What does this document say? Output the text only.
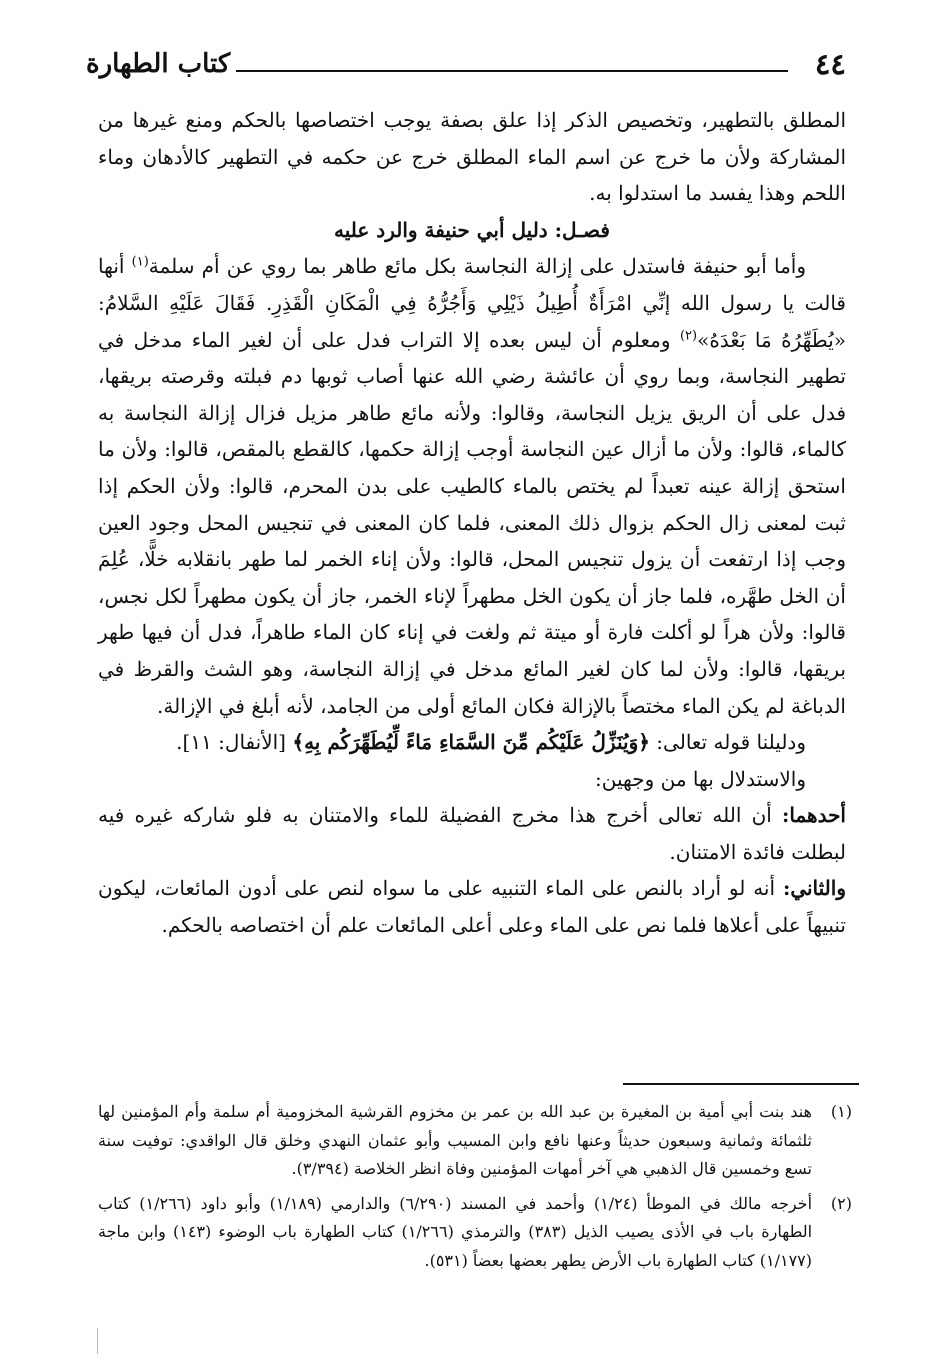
٤٤
كتاب الطهارة

المطلق بالتطهير، وتخصيص الذكر إذا علق بصفة يوجب اختصاصها بالحكم ومنع غيرها من المشاركة ولأن ما خرج عن اسم الماء المطلق خرج عن حكمه في التطهير كالأدهان وماء اللحم وهذا يفسد ما استدلوا به.

فصـل: دليل أبي حنيفة والرد عليه

وأما أبو حنيفة فاستدل على إزالة النجاسة بكل مائع طاهر بما روي عن أم سلمة$^{(١)}$ أنها قالت يا رسول الله إنِّي امْرَأَةٌ أُطِيلُ ذَيْلِي وَأَجُرُّهُ فِي الْمَكَانِ الْقَذِرِ. فَقَالَ عَلَيْهِ السَّلامُ: «يُطَهِّرُهُ مَا بَعْدَهُ»$^{(٢)}$ ومعلوم أن ليس بعده إلا التراب فدل على أن لغير الماء مدخل في تطهير النجاسة، وبما روي أن عائشة رضي الله عنها أصاب ثوبها دم فبلته وقرصته بريقها، فدل على أن الريق يزيل النجاسة، وقالوا: ولأنه مائع طاهر مزيل فزال إزالة النجاسة به كالماء، قالوا: ولأن ما أزال عين النجاسة أوجب إزالة حكمها، كالقطع بالمقص، قالوا: ولأن ما استحق إزالة عينه تعبداً لم يختص بالماء كالطيب على بدن المحرم، قالوا: ولأن الحكم إذا ثبت لمعنى زال الحكم بزوال ذلك المعنى، فلما كان المعنى في تنجيس المحل وجود العين وجب إذا ارتفعت أن يزول تنجيس المحل، قالوا: ولأن إناء الخمر لما طهر بانقلابه خلًّا، عُلِمَ أن الخل طهَّره، فلما جاز أن يكون الخل مطهراً لإناء الخمر، جاز أن يكون مطهراً لكل نجس، قالوا: ولأن هراً لو أكلت فارة أو ميتة ثم ولغت في إناء كان الماء طاهراً، فدل أن فيها طهر بريقها، قالوا: ولأن لما كان لغير المائع مدخل في إزالة النجاسة، وهو الشث والقرظ في الدباغة لم يكن الماء مختصاً بالإزالة فكان المائع أولى من الجامد، لأنه أبلغ في الإزالة.

ودليلنا قوله تعالى: ﴿وَيُنَزِّلُ عَلَيْكُم مِّنَ السَّمَاءِ مَاءً لِّيُطَهِّرَكُم بِهِ﴾ [الأنفال: ١١].

والاستدلال بها من وجهين:

أحدهما: أن الله تعالى أخرج هذا مخرج الفضيلة للماء والامتنان به فلو شاركه غيره فيه لبطلت فائدة الامتنان.

والثاني: أنه لو أراد بالنص على الماء التنبيه على ما سواه لنص على أدون المائعات، ليكون تنبيهاً على أعلاها فلما نص على الماء وعلى أعلى المائعات علم أن اختصاصه بالحكم.

(١)
هند بنت أبي أمية بن المغيرة بن عبد الله بن عمر بن مخزوم القرشية المخزومية أم سلمة وأم المؤمنين لها ثلثمائة وثمانية وسبعون حديثاً وعنها نافع وابن المسيب وأبو عثمان النهدي وخلق قال الواقدي: توفيت سنة تسع وخمسين قال الذهبي هي آخر أمهات المؤمنين وفاة انظر الخلاصة (٣/٣٩٤).
(٢)
أخرجه مالك في الموطأ (١/٢٤) وأحمد في المسند (٦/٢٩٠) والدارمي (١/١٨٩) وأبو داود (١/٢٦٦) كتاب الطهارة باب في الأذى يصيب الذيل (٣٨٣) والترمذي (١/٢٦٦) كتاب الطهارة باب الوضوء (١٤٣) وابن ماجة (١/١٧٧) كتاب الطهارة باب الأرض يطهر بعضها بعضاً (٥٣١).
